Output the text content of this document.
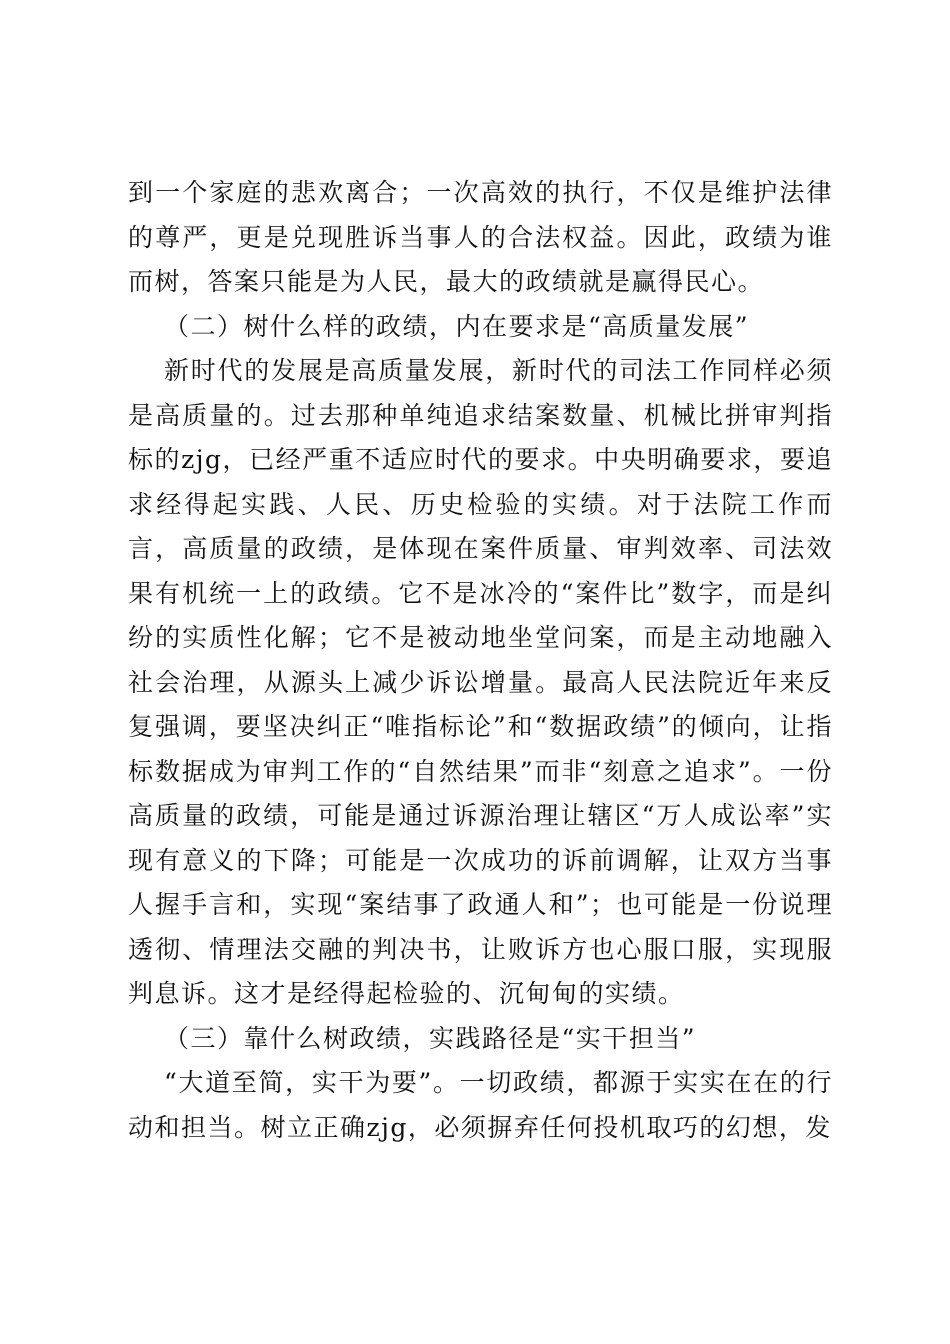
到一个家庭的悲欢离合；一次高效的执行，不仅是维护法律的尊严，更是兑现胜诉当事人的合法权益。因此，政绩为谁而树，答案只能是为人民，最大的政绩就是赢得民心。

（二）树什么样的政绩，内在要求是“高质量发展”

新时代的发展是高质量发展，新时代的司法工作同样必须是高质量的。过去那种单纯追求结案数量、机械比拼审判指标的zjg，已经严重不适应时代的要求。中央明确要求，要追求经得起实践、人民、历史检验的实绩。对于法院工作而言，高质量的政绩，是体现在案件质量、审判效率、司法效果有机统一上的政绩。它不是冰冷的“案件比”数字，而是纠纷的实质性化解；它不是被动地坐堂问案，而是主动地融入社会治理，从源头上减少诉讼增量。最高人民法院近年来反复强调，要坚决纠正“唯指标论”和“数据政绩”的倾向，让指标数据成为审判工作的“自然结果”而非“刻意之追求”。一份高质量的政绩，可能是通过诉源治理让辖区“万人成讼率”实现有意义的下降；可能是一次成功的诉前调解，让双方当事人握手言和，实现“案结事了政通人和”；也可能是一份说理透彻、情理法交融的判决书，让败诉方也心服口服，实现服判息诉。这才是经得起检验的、沉甸甸的实绩。

（三）靠什么树政绩，实践路径是“实干担当”

“大道至简，实干为要”。一切政绩，都源于实实在在的行动和担当。树立正确zjg，必须摒弃任何投机取巧的幻想，发
